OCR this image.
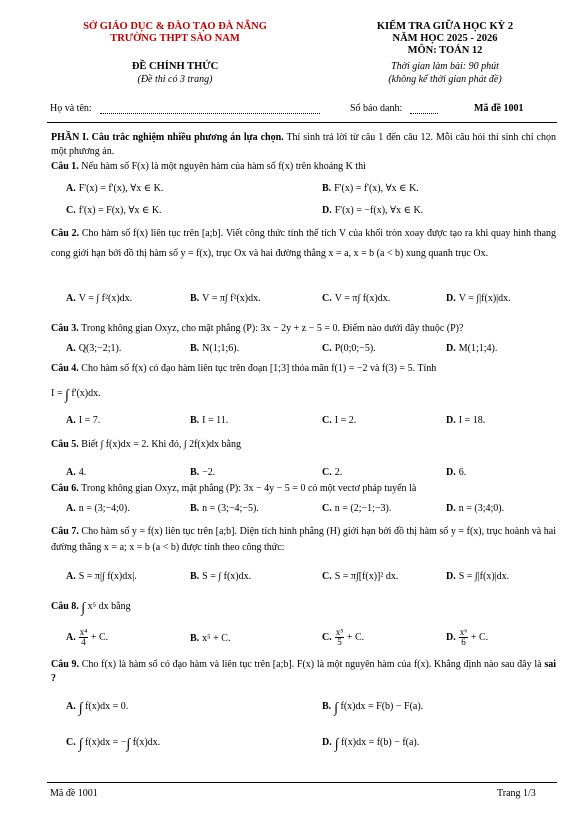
SỞ GIÁO DỤC & ĐÀO TẠO ĐÀ NẴNG
TRƯỜNG THPT SÀO NAM
ĐỀ CHÍNH THỨC
(Đề thi có 3 trang)
KIỂM TRA GIỮA HỌC KỲ 2
NĂM HỌC 2025 - 2026
MÔN: TOÁN 12
Thời gian làm bài: 90 phút
(không kể thời gian phát đề)
Họ và tên:	Số báo danh:	Mã đề 1001
PHẦN I. Câu trắc nghiệm nhiều phương án lựa chọn. Thí sinh trả lời từ câu 1 đến câu 12. Mỗi câu hỏi thí sinh chỉ chọn một phương án.
Câu 1. Nếu hàm số F(x) là một nguyên hàm của hàm số f(x) trên khoảng K thì
A. F'(x) = f'(x), ∀x ∈ K.	B. F'(x) = f'(x), ∀x ∈ K.
C. f'(x) = F(x), ∀x ∈ K.	D. F'(x) = −f(x), ∀x ∈ K.
Câu 2. Cho hàm số f(x) liên tục trên [a;b]. Viết công thức tính thể tích V của khối tròn xoay được tạo ra khi quay hình thang cong giới hạn bởi đồ thị hàm số y = f(x), trục Ox và hai đường thẳng x = a, x = b (a < b) xung quanh trục Ox.
A. V = ∫ f²(x)dx.	B. V = π∫ f²(x)dx.	C. V = π∫ f(x)dx.	D. V = ∫|f(x)|dx.
Câu 3. Trong không gian Oxyz, cho mặt phẳng (P): 3x − 2y + z − 5 = 0. Điểm nào dưới đây thuộc (P)?
A. Q(3;−2;1).	B. N(1;1;6).	C. P(0;0;−5).	D. M(1;1;4).
Câu 4. Cho hàm số f(x) có đạo hàm liên tục trên đoạn [1;3] thỏa mãn f(1) = −2 và f(3) = 5. Tính
I = ∫ f'(x)dx.
A. I = 7.	B. I = 11.	C. I = 2.	D. I = 18.
Câu 5. Biết ∫ f(x)dx = 2. Khi đó, ∫ 2f(x)dx bằng
A. 4.	B. −2.	C. 2.	D. 6.
Câu 6. Trong không gian Oxyz, mặt phẳng (P): 3x − 4y − 5 = 0 có một vectơ pháp tuyến là
A. n = (3;−4;0).	B. n = (3;−4;−5).	C. n = (2;−1;−3).	D. n = (3;4;0).
Câu 7. Cho hàm số y = f(x) liên tục trên [a;b]. Diện tích hình phẳng (H) giới hạn bởi đồ thị hàm số y = f(x), trục hoành và hai đường thẳng x = a; x = b (a < b) được tính theo công thức:
A. S = π|∫ f(x)dx|.	B. S = ∫ f(x)dx.	C. S = π∫[f(x)]² dx.	D. S = ∫|f(x)|dx.
Câu 8. ∫ x⁵ dx bằng
A. $\frac{\text{x⁴}}{4} + C$.	B. x⁵ + C.	C. $\frac{\text{x⁵}}{5} + C$.	D. $\frac{\text{x⁶}}{6} + C$.
Câu 9. Cho f(x) là hàm số có đạo hàm và liên tục trên [a;b]. F(x) là một nguyên hàm của f(x). Khẳng định nào sau đây là sai ?
A. ∫ f(x)dx = 0.	B. ∫ f(x)dx = F(b) − F(a).
C. ∫ f(x)dx = −∫ f(x)dx.	D. ∫ f(x)dx = f(b) − f(a).
Mã đề 1001	Trang 1/3
